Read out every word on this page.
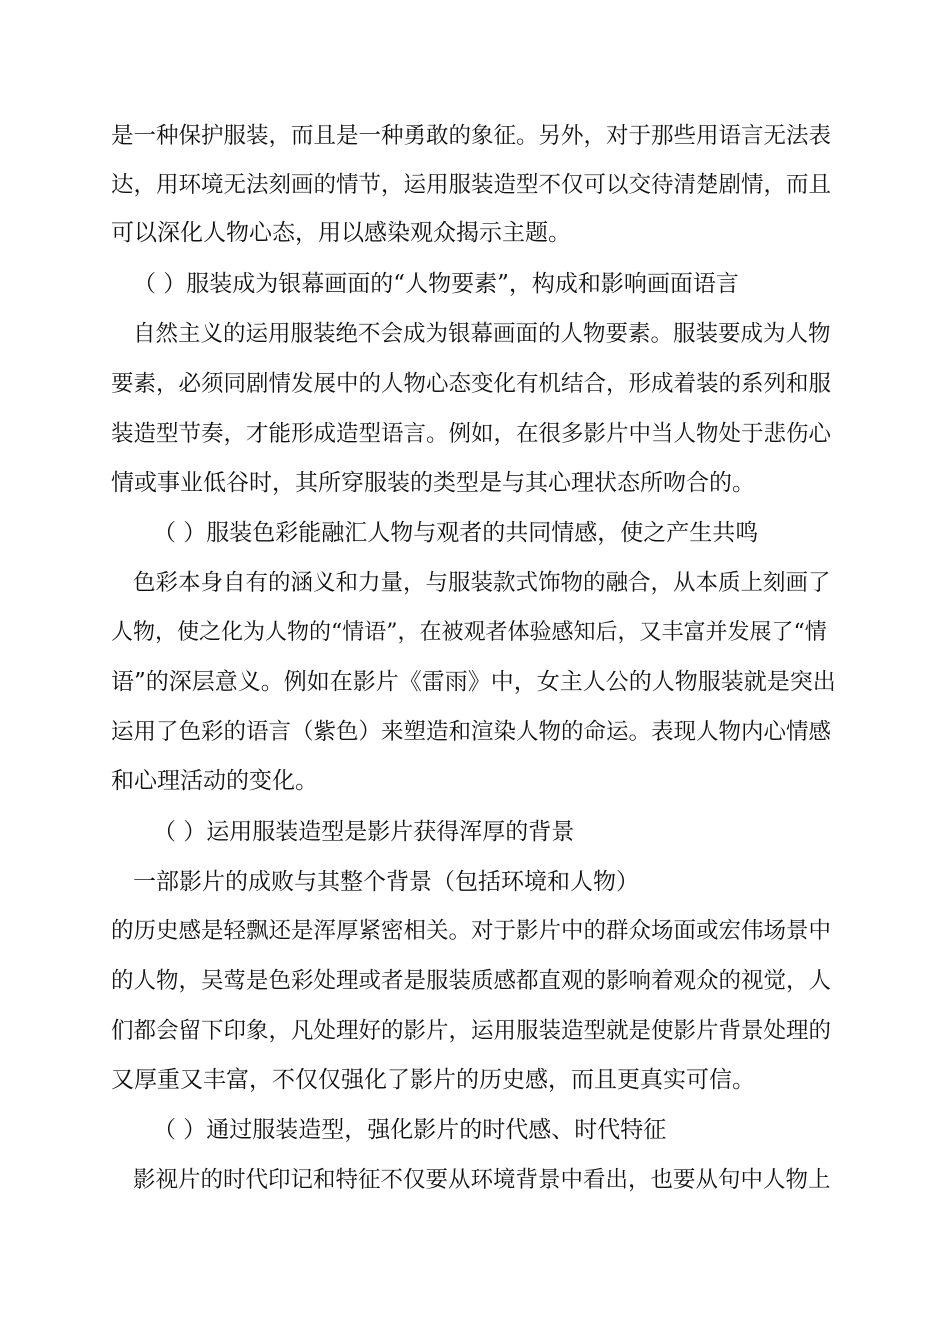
是一种保护服装，而且是一种勇敢的象征。另外，对于那些用语言无法表
达，用环境无法刻画的情节，运用服装造型不仅可以交待清楚剧情，而且
可以深化人物心态，用以感染观众揭示主题。
（ ）服装成为银幕画面的“人物要素”，构成和影响画面语言
自然主义的运用服装绝不会成为银幕画面的人物要素。服装要成为人物
要素，必须同剧情发展中的人物心态变化有机结合，形成着装的系列和服
装造型节奏，才能形成造型语言。例如，在很多影片中当人物处于悲伤心
情或事业低谷时，其所穿服装的类型是与其心理状态所吻合的。
（ ）服装色彩能融汇人物与观者的共同情感，使之产生共鸣
色彩本身自有的涵义和力量，与服装款式饰物的融合，从本质上刻画了
人物，使之化为人物的“情语”，在被观者体验感知后，又丰富并发展了“情
语”的深层意义。例如在影片《雷雨》中，女主人公的人物服装就是突出
运用了色彩的语言（紫色）来塑造和渲染人物的命运。表现人物内心情感
和心理活动的变化。
（ ）运用服装造型是影片获得浑厚的背景
一部影片的成败与其整个背景（包括环境和人物）
的历史感是轻飘还是浑厚紧密相关。对于影片中的群众场面或宏伟场景中
的人物，吴莺是色彩处理或者是服装质感都直观的影响着观众的视觉，人
们都会留下印象，凡处理好的影片，运用服装造型就是使影片背景处理的
又厚重又丰富，不仅仅强化了影片的历史感，而且更真实可信。
（ ）通过服装造型，强化影片的时代感、时代特征
影视片的时代印记和特征不仅要从环境背景中看出，也要从句中人物上
